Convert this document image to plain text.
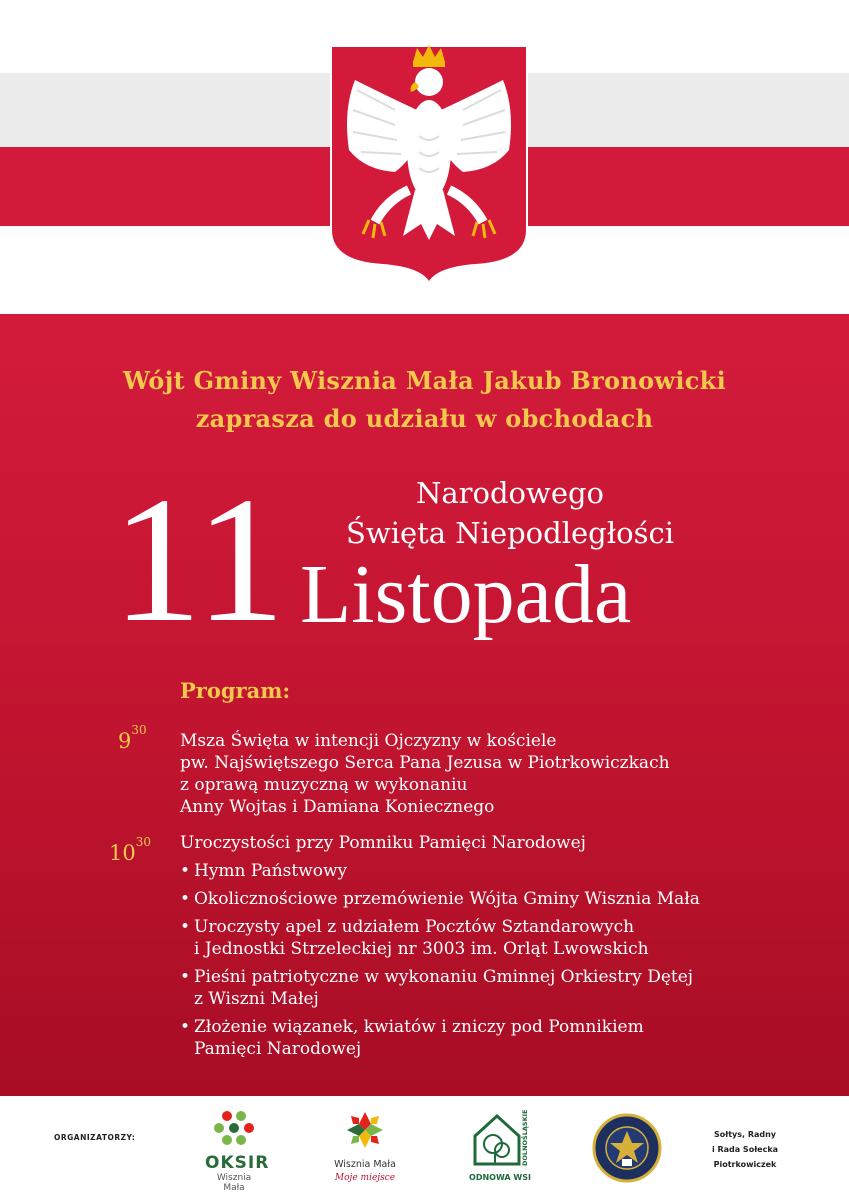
Wójt Gminy Wisznia Mała Jakub Bronowicki
zaprasza do udziału w obchodach
11	Narodowego
Święta Niepodległości
Listopada
Program:
$9^{30}$
Msza Święta w intencji Ojczyzny w kościele
pw. Najświętszego Serca Pana Jezusa w Piotrkowiczkach
z oprawą muzyczną w wykonaniu
Anny Wojtas i Damiana Koniecznego
$10^{30}$ Uroczystości przy Pomniku Pamięci Narodowej
• Hymn Państwowy
• Okolicznościowe przemówienie Wójta Gminy Wisznia Mała
• Uroczysty apel z udziałem Pocztów Sztandarowych
i Jednostki Strzeleckiej nr 3003 im. Orląt Lwowskich
• Pieśni patriotyczne w wykonaniu Gminnej Orkiestry Dętej
z Wiszni Małej
• Złożenie wiązanek, kwiatów i zniczy pod Pomnikiem
Pamięci Narodowej
ORGANIZATORZY:
OKSIR
Wisznia Mała
Wisznia Mała
Moje miejsce
DOLNOŚLĄSKIEJ
ODNOWA WSI
Sołtys, Radny
i Rada Sołecka
Piotrkowiczek
